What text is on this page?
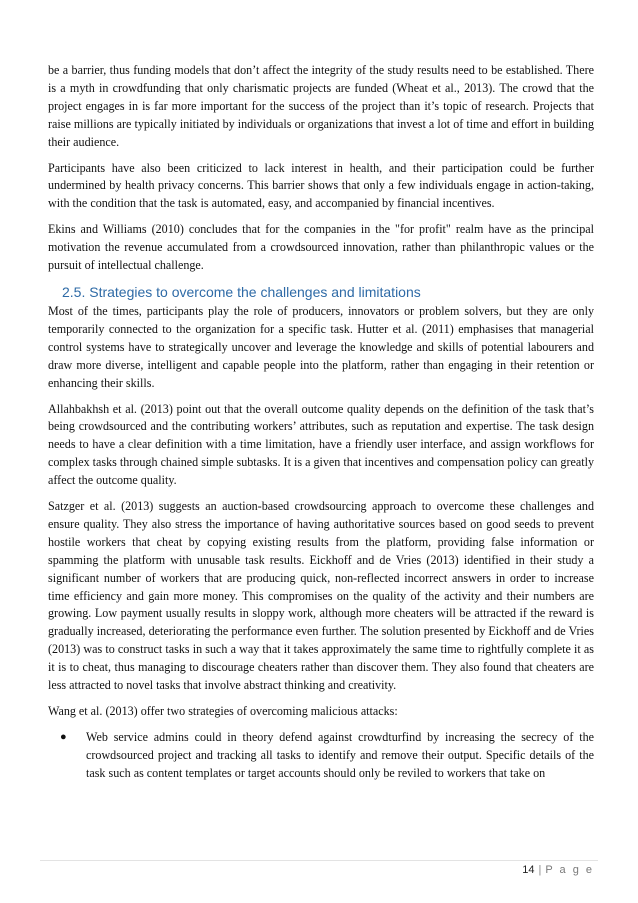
be a barrier, thus funding models that don’t affect the integrity of the study results need to be established. There is a myth in crowdfunding that only charismatic projects are funded (Wheat et al., 2013). The crowd that the project engages in is far more important for the success of the project than it’s topic of research. Projects that raise millions are typically initiated by individuals or organizations that invest a lot of time and effort in building their audience.

Participants have also been criticized to lack interest in health, and their participation could be further undermined by health privacy concerns. This barrier shows that only a few individuals engage in action-taking, with the condition that the task is automated, easy, and accompanied by financial incentives.

Ekins and Williams (2010) concludes that for the companies in the "for profit" realm have as the principal motivation the revenue accumulated from a crowdsourced innovation, rather than philanthropic values or the pursuit of intellectual challenge.

2.5. Strategies to overcome the challenges and limitations

Most of the times, participants play the role of producers, innovators or problem solvers, but they are only temporarily connected to the organization for a specific task. Hutter et al. (2011) emphasises that managerial control systems have to strategically uncover and leverage the knowledge and skills of potential labourers and draw more diverse, intelligent and capable people into the platform, rather than engaging in their retention or enhancing their skills.

Allahbakhsh et al. (2013) point out that the overall outcome quality depends on the definition of the task that’s being crowdsourced and the contributing workers’ attributes, such as reputation and expertise. The task design needs to have a clear definition with a time limitation, have a friendly user interface, and assign workflows for complex tasks through chained simple subtasks. It is a given that incentives and compensation policy can greatly affect the outcome quality.

Satzger et al. (2013) suggests an auction-based crowdsourcing approach to overcome these challenges and ensure quality. They also stress the importance of having authoritative sources based on good seeds to prevent hostile workers that cheat by copying existing results from the platform, providing false information or spamming the platform with unusable task results. Eickhoff and de Vries (2013) identified in their study a significant number of workers that are producing quick, non-reflected incorrect answers in order to increase time efficiency and gain more money. This compromises on the quality of the activity and their numbers are growing. Low payment usually results in sloppy work, although more cheaters will be attracted if the reward is gradually increased, deteriorating the performance even further. The solution presented by Eickhoff and de Vries (2013) was to construct tasks in such a way that it takes approximately the same time to rightfully complete it as it is to cheat, thus managing to discourage cheaters rather than discover them. They also found that cheaters are less attracted to novel tasks that involve abstract thinking and creativity.

Wang et al. (2013) offer two strategies of overcoming malicious attacks:

● Web service admins could in theory defend against crowdturfind by increasing the secrecy of the crowdsourced project and tracking all tasks to identify and remove their output. Specific details of the task such as content templates or target accounts should only be reviled to workers that take on
14 | P a g e
